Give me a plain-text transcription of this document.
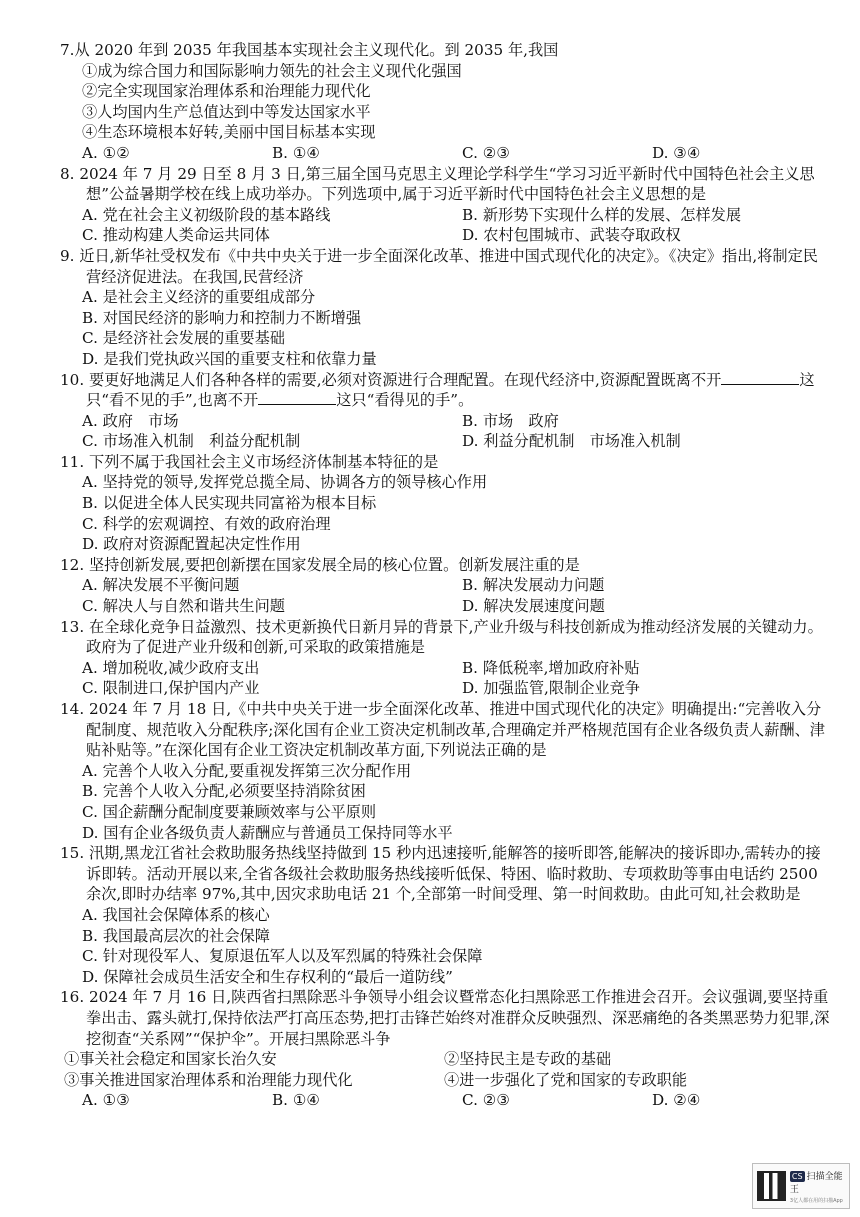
7.从 2020 年到 2035 年我国基本实现社会主义现代化。到 2035 年,我国

①成为综合国力和国际影响力领先的社会主义现代化强国

②完全实现国家治理体系和治理能力现代化

③人均国内生产总值达到中等发达国家水平

④生态环境根本好转,美丽中国目标基本实现

A. ①②	B. ①④	C. ②③	D. ③④

8. 2024 年 7 月 29 日至 8 月 3 日,第三届全国马克思主义理论学科学生“学习习近平新时代中国特色社会主义思想”公益暑期学校在线上成功举办。下列选项中,属于习近平新时代中国特色社会主义思想的是

A. 党在社会主义初级阶段的基本路线	B. 新形势下实现什么样的发展、怎样发展
C. 推动构建人类命运共同体	D. 农村包围城市、武装夺取政权

9. 近日,新华社受权发布《中共中央关于进一步全面深化改革、推进中国式现代化的决定》。《决定》指出,将制定民营经济促进法。在我国,民营经济

A. 是社会主义经济的重要组成部分

B. 对国民经济的影响力和控制力不断增强

C. 是经济社会发展的重要基础

D. 是我们党执政兴国的重要支柱和依靠力量

10. 要更好地满足人们各种各样的需要,必须对资源进行合理配置。在现代经济中,资源配置既离不开	这只“看不见的手”,也离不开	这只“看得见的手”。

A. 政府　市场	B. 市场　政府
C. 市场准入机制　利益分配机制	D. 利益分配机制　市场准入机制

11. 下列不属于我国社会主义市场经济体制基本特征的是

A. 坚持党的领导,发挥党总揽全局、协调各方的领导核心作用

B. 以促进全体人民实现共同富裕为根本目标

C. 科学的宏观调控、有效的政府治理

D. 政府对资源配置起决定性作用

12. 坚持创新发展,要把创新摆在国家发展全局的核心位置。创新发展注重的是

A. 解决发展不平衡问题	B. 解决发展动力问题
C. 解决人与自然和谐共生问题	D. 解决发展速度问题

13. 在全球化竞争日益激烈、技术更新换代日新月异的背景下,产业升级与科技创新成为推动经济发展的关键动力。政府为了促进产业升级和创新,可采取的政策措施是

A. 增加税收,减少政府支出	B. 降低税率,增加政府补贴
C. 限制进口,保护国内产业	D. 加强监管,限制企业竞争

14. 2024 年 7 月 18 日,《中共中央关于进一步全面深化改革、推进中国式现代化的决定》明确提出:“完善收入分配制度、规范收入分配秩序;深化国有企业工资决定机制改革,合理确定并严格规范国有企业各级负责人薪酬、津贴补贴等。”在深化国有企业工资决定机制改革方面,下列说法正确的是

A. 完善个人收入分配,要重视发挥第三次分配作用

B. 完善个人收入分配,必须要坚持消除贫困

C. 国企薪酬分配制度要兼顾效率与公平原则

D. 国有企业各级负责人薪酬应与普通员工保持同等水平

15. 汛期,黑龙江省社会救助服务热线坚持做到 15 秒内迅速接听,能解答的接听即答,能解决的接诉即办,需转办的接诉即转。活动开展以来,全省各级社会救助服务热线接听低保、特困、临时救助、专项救助等事由电话约 2500 余次,即时办结率 97%,其中,因灾求助电话 21 个,全部第一时间受理、第一时间救助。由此可知,社会救助是

A. 我国社会保障体系的核心

B. 我国最高层次的社会保障

C. 针对现役军人、复原退伍军人以及军烈属的特殊社会保障

D. 保障社会成员生活安全和生存权利的“最后一道防线”

16. 2024 年 7 月 16 日,陕西省扫黑除恶斗争领导小组会议暨常态化扫黑除恶工作推进会召开。会议强调,要坚持重拳出击、露头就打,保持依法严打高压态势,把打击锋芒始终对准群众反映强烈、深恶痛绝的各类黑恶势力犯罪,深挖彻查“关系网”“保护伞”。开展扫黑除恶斗争

①事关社会稳定和国家长治久安	②坚持民主是专政的基础
③事关推进国家治理体系和治理能力现代化	④进一步强化了党和国家的专政职能
A. ①③	B. ①④	C. ②③	D. ②④
CS 扫描全能王
3亿人都在用的扫描App
